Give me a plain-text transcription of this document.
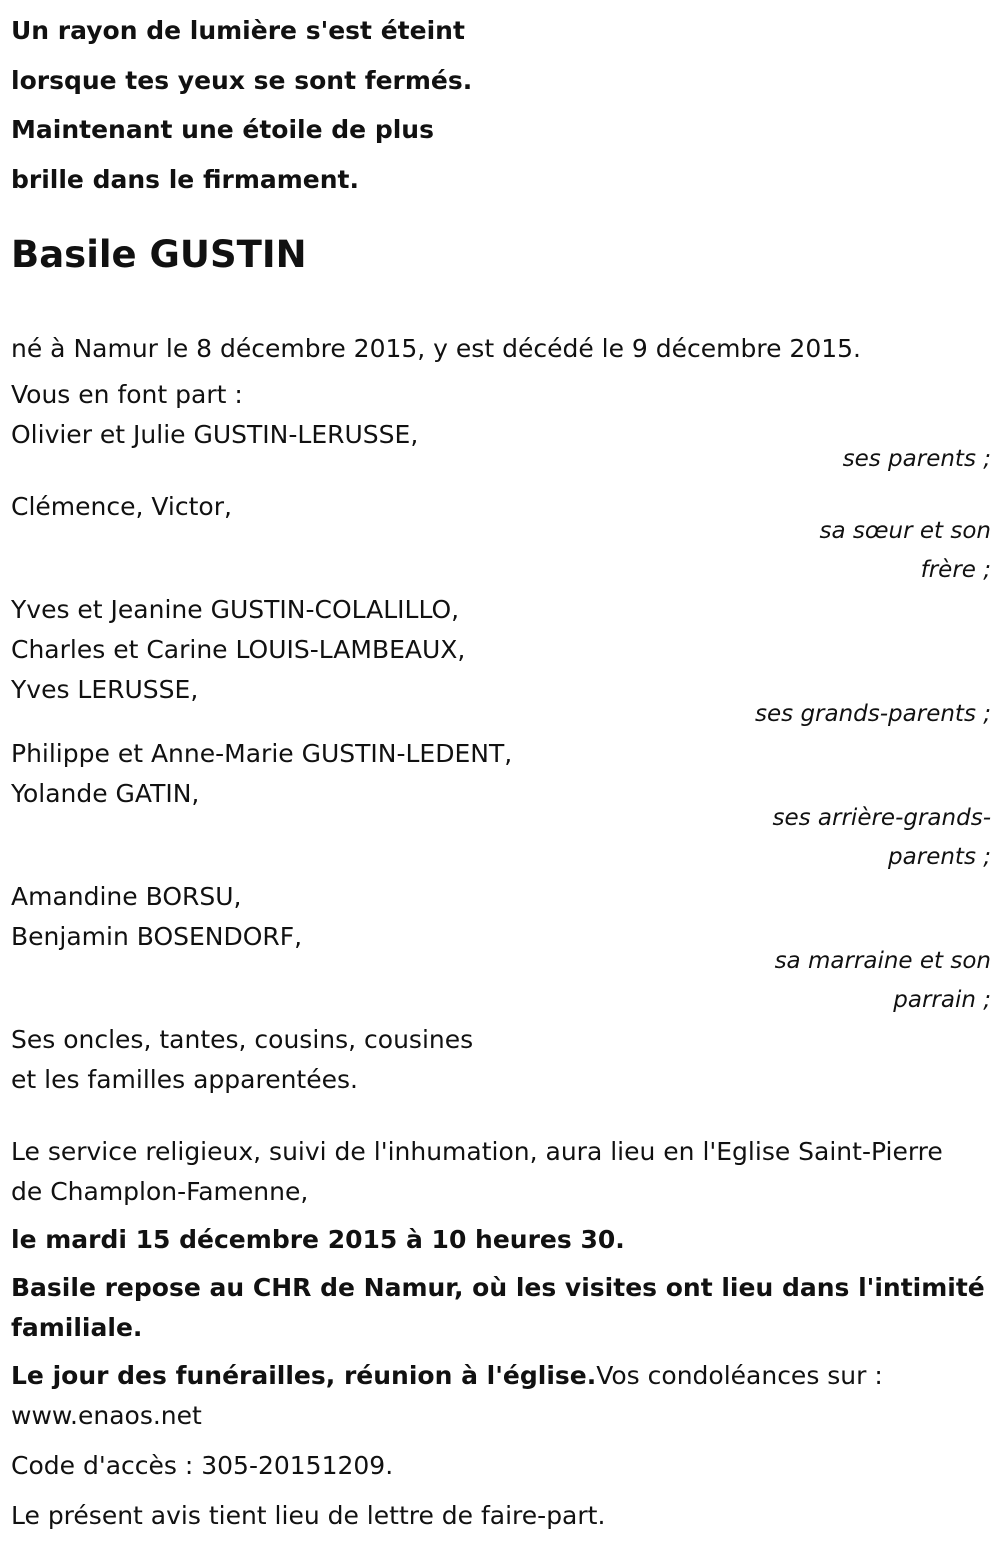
Un rayon de lumière s'est éteint
lorsque tes yeux se sont fermés.
Maintenant une étoile de plus
brille dans le firmament.
Basile GUSTIN
né à Namur le 8 décembre 2015, y est décédé le 9 décembre 2015.
Vous en font part :
Olivier et Julie GUSTIN-LERUSSE,
ses parents ;
Clémence, Victor,
sa sœur et son
frère ;
Yves et Jeanine GUSTIN-COLALILLO,
Charles et Carine LOUIS-LAMBEAUX,
Yves LERUSSE,
ses grands-parents ;
Philippe et Anne-Marie GUSTIN-LEDENT,
Yolande GATIN,
ses arrière-grands-
parents ;
Amandine BORSU,
Benjamin BOSENDORF,
sa marraine et son
parrain ;
Ses oncles, tantes, cousins, cousines
et les familles apparentées.
Le service religieux, suivi de l'inhumation, aura lieu en l'Eglise Saint-Pierre
de Champlon-Famenne,
le mardi 15 décembre 2015 à 10 heures 30.
Basile repose au CHR de Namur, où les visites ont lieu dans l'intimité
familiale.
Le jour des funérailles, réunion à l'église.Vos condoléances sur :
www.enaos.net
Code d'accès : 305-20151209.
Le présent avis tient lieu de lettre de faire-part.
